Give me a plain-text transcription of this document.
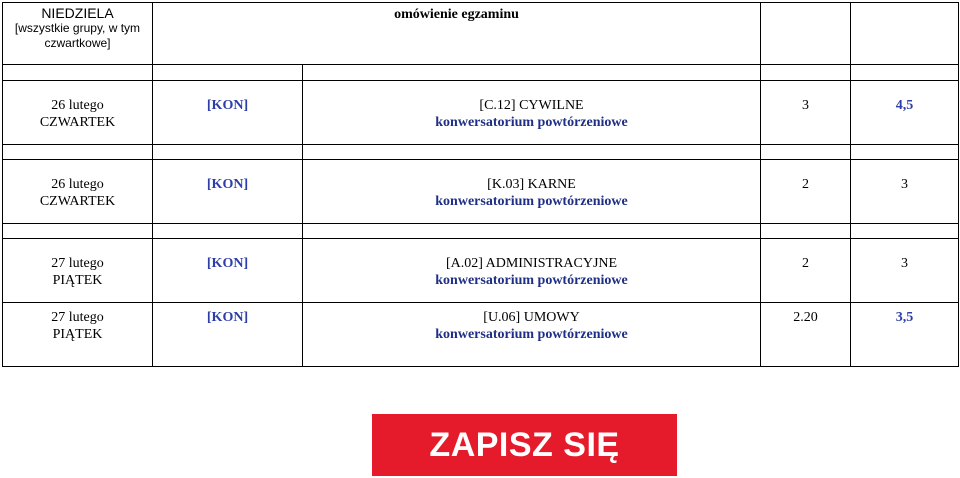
NIEDZIELA
[wszystkie grupy, w tym
czwartkowe]	omówienie egzaminu			

26 lutego
CZWARTEK	[KON]	[C.12] CYWILNE
konwersatorium powtórzeniowe	3	4,5

26 lutego
CZWARTEK	[KON]	[K.03] KARNE
konwersatorium powtórzeniowe	2	3

27 lutego
PIĄTEK	[KON]	[A.02] ADMINISTRACYJNE
konwersatorium powtórzeniowe	2	3

27 lutego
PIĄTEK	[KON]	[U.06] UMOWY
konwersatorium powtórzeniowe	2.20	3,5
ZAPISZ SIĘ
